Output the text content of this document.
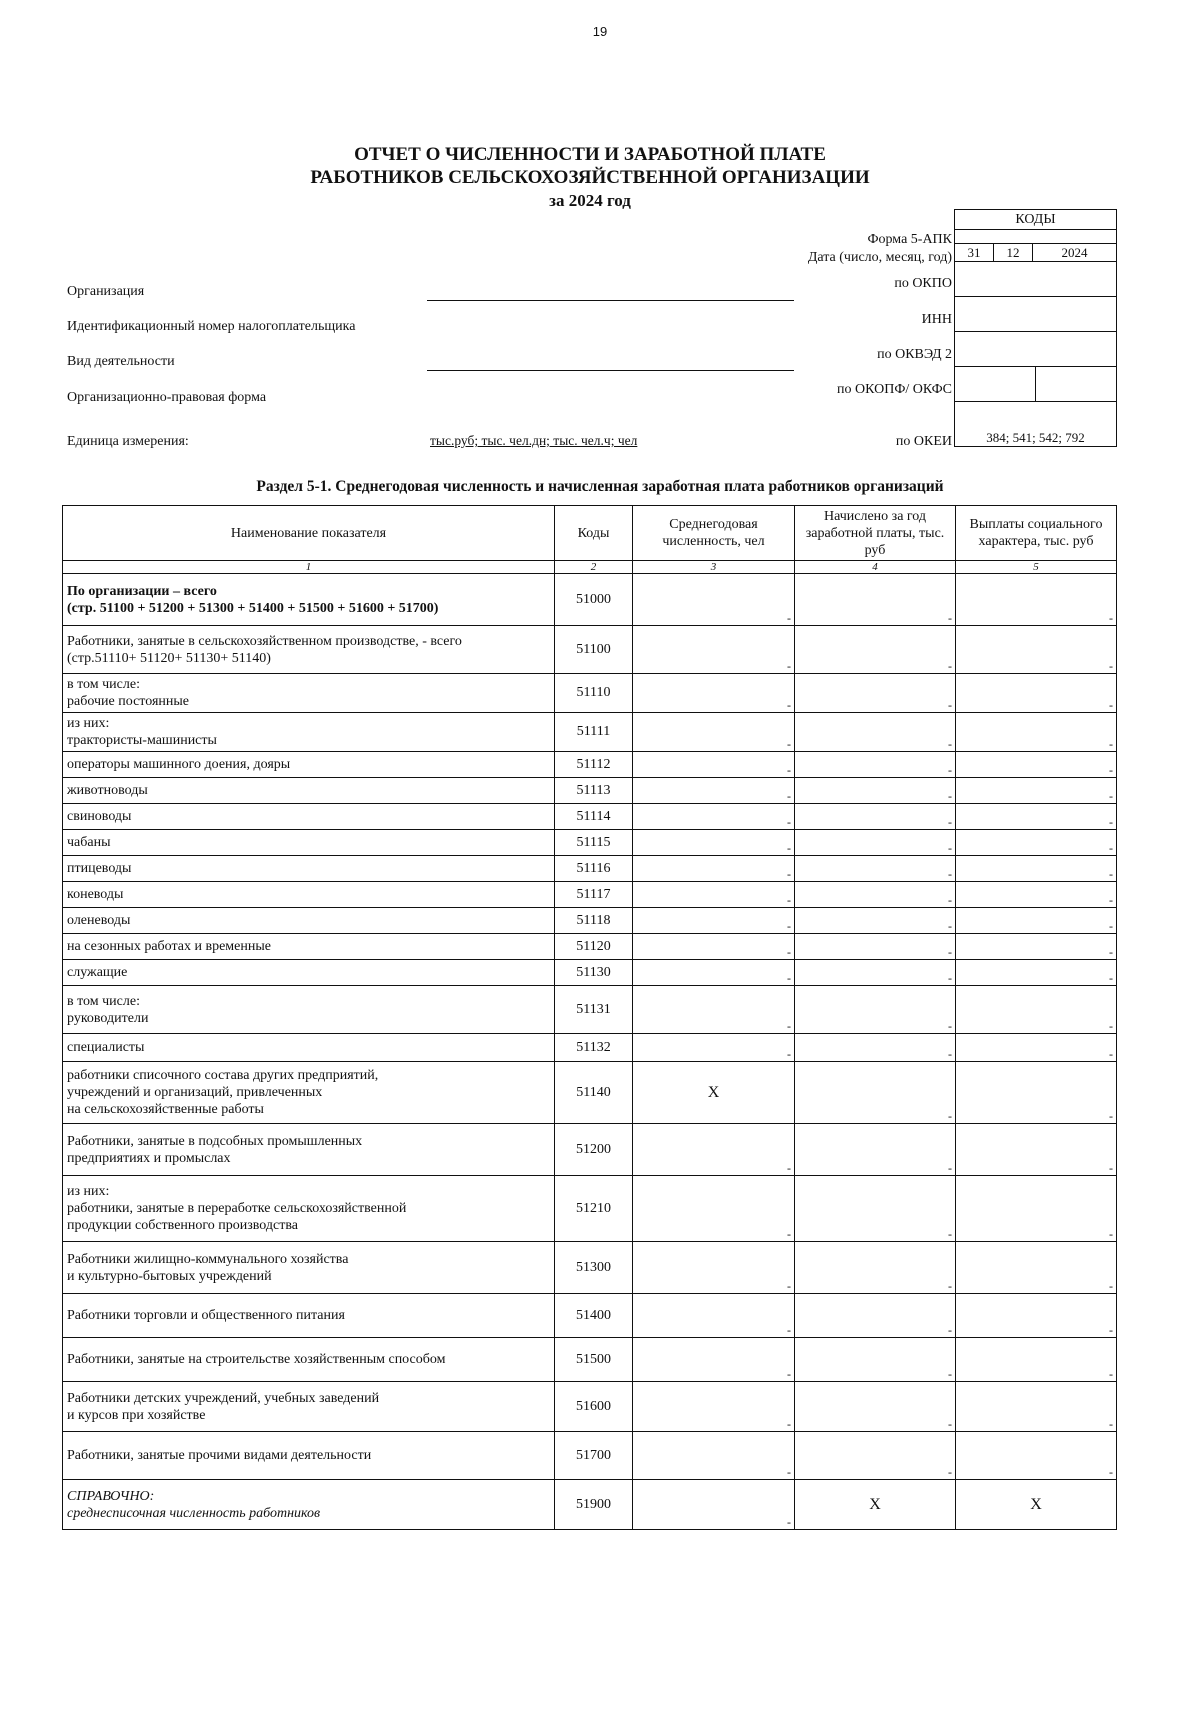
19
ОТЧЕТ О ЧИСЛЕННОСТИ И ЗАРАБОТНОЙ ПЛАТЕ
РАБОТНИКОВ СЕЛЬСКОХОЗЯЙСТВЕННОЙ ОРГАНИЗАЦИИ
за 2024 год
Форма 5-АПК
Дата (число, месяц, год)
по ОКПО
ИНН
по ОКВЭД 2
по ОКОПФ/ ОКФС
по ОКЕИ
КОДЫ
31	12	2024
384; 541; 542; 792
Организация
Идентификационный номер налогоплательщика
Вид деятельности
Организационно-правовая форма
Единица измерения:	тыс.руб; тыс. чел.дн; тыс. чел.ч; чел
Раздел 5-1. Среднегодовая численность и начисленная заработная плата работников организаций
Наименование показателя	Коды	Среднегодовая численность, чел	Начислено за год заработной платы, тыс. руб	Выплаты социального характера, тыс. руб
1	2	3	4	5

По организации – всего
(стр. 51100 + 51200 + 51300 + 51400 + 51500 + 51600 + 51700)	51000	-	-	-

Работники, занятые в сельскохозяйственном производстве, - всего
(стр.51110+ 51120+ 51130+ 51140)	51100	-	-	-

в том числе:
рабочие постоянные	51110	-	-	-

из них:
трактористы-машинисты	51111	-	-	-

операторы машинного доения, дояры	51112	-	-	-

животноводы	51113	-	-	-

свиноводы	51114	-	-	-

чабаны	51115	-	-	-

птицеводы	51116	-	-	-

коневоды	51117	-	-	-

оленеводы	51118	-	-	-

на сезонных работах и временные	51120	-	-	-

служащие	51130	-	-	-

в том числе:
руководители	51131	-	-	-

специалисты	51132	-	-	-

работники списочного состава других предприятий,
учреждений и организаций, привлеченных
на сельскохозяйственные работы	51140	X	-	-

Работники, занятые в подсобных промышленных
предприятиях и промыслах	51200	-	-	-

из них:
работники, занятые в переработке сельскохозяйственной
продукции собственного производства	51210	-	-	-

Работники жилищно-коммунального хозяйства
и культурно-бытовых учреждений	51300	-	-	-

Работники торговли и общественного питания	51400	-	-	-

Работники, занятые на строительстве хозяйственным способом	51500	-	-	-

Работники детских учреждений, учебных заведений
и курсов при хозяйстве	51600	-	-	-

Работники, занятые прочими видами деятельности	51700	-	-	-

СПРАВОЧНО:
среднесписочная численность работников	51900	-	X	X
